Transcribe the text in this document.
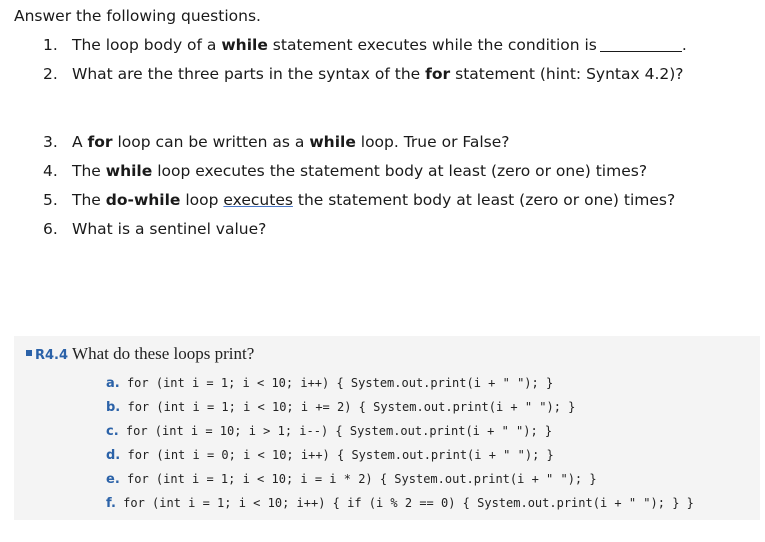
Answer the following questions.
1. The loop body of a while statement executes while the condition is	.
2. What are the three parts in the syntax of the for statement (hint: Syntax 4.2)?
3. A for loop can be written as a while loop. True or False?
4. The while loop executes the statement body at least (zero or one) times?
5. The do-while loop executes the statement body at least (zero or one) times?
6. What is a sentinel value?
R4.4 What do these loops print?
a. for (int i = 1; i < 10; i++) { System.out.print(i + " "); }
b. for (int i = 1; i < 10; i += 2) { System.out.print(i + " "); }
c. for (int i = 10; i > 1; i--) { System.out.print(i + " "); }
d. for (int i = 0; i < 10; i++) { System.out.print(i + " "); }
e. for (int i = 1; i < 10; i = i * 2) { System.out.print(i + " "); }
f. for (int i = 1; i < 10; i++) { if (i % 2 == 0) { System.out.print(i + " "); } }
